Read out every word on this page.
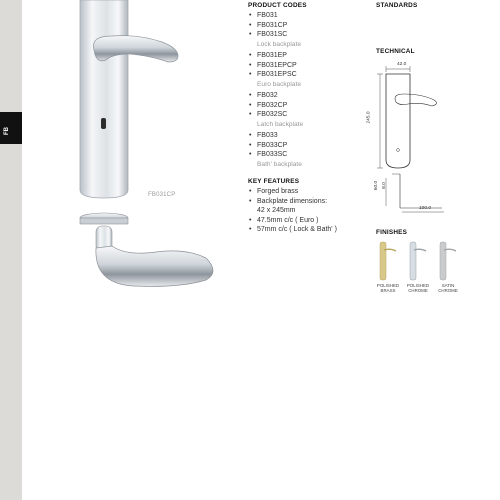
FB
FB031CP
PRODUCT CODES
• FB031
• FB031CP
• FB031SC
Lock backplate
• FB031EP
• FB031EPCP
• FB031EPSC
Euro backplate
• FB032
• FB032CP
• FB032SC
Latch backplate
• FB033
• FB033CP
• FB033SC
Bath' backplate
KEY FEATURES
• Forged brass
• Backplate dimensions:
42 x 245mm
• 47.5mm c/c ( Euro )
• 57mm c/c ( Lock & Bath' )
STANDARDS
TECHNICAL
42.0
245.0
60.0 8.0
100.0
FINISHES
POLISHED
BRASS
POLISHED
CHROME
SATIN
CHROME
